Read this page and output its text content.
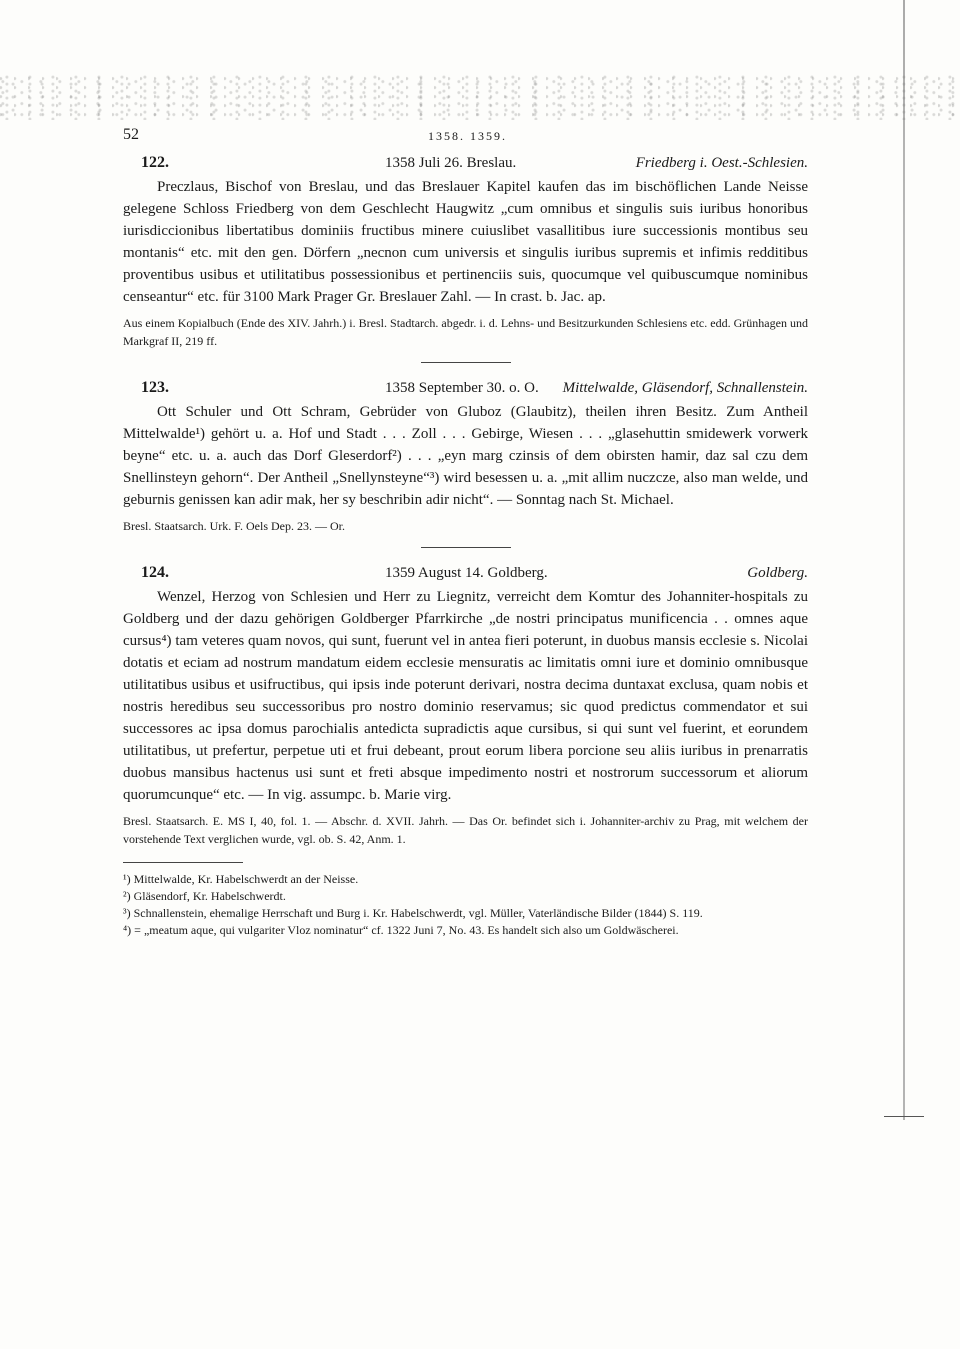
52	1358. 1359.
122.	1358 Juli 26. Breslau.	Friedberg i. Oest.-Schlesien.

Preczlaus, Bischof von Breslau, und das Breslauer Kapitel kaufen das im bischöflichen Lande Neisse gelegene Schloss Friedberg von dem Geschlecht Haugwitz „cum omnibus et singulis suis iuribus honoribus iurisdiccionibus libertatibus dominiis fructibus minere cuiuslibet vasallitibus iure successionis montibus seu montanis“ etc. mit den gen. Dörfern „necnon cum universis et singulis iuribus supremis et infimis redditibus proventibus usibus et utilitatibus possessionibus et pertinenciis suis, quocumque vel quibuscumque nominibus censeantur“ etc. für 3100 Mark Prager Gr. Breslauer Zahl. — In crast. b. Jac. ap.

Aus einem Kopialbuch (Ende des XIV. Jahrh.) i. Bresl. Stadtarch. abgedr. i. d. Lehns- und Besitzurkunden Schlesiens etc. edd. Grünhagen und Markgraf II, 219 ff.

123.	1358 September 30. o. O. Mittelwalde, Gläsendorf, Schnallenstein.

Ott Schuler und Ott Schram, Gebrüder von Gluboz (Glaubitz), theilen ihren Besitz. Zum Antheil Mittelwalde¹) gehört u. a. Hof und Stadt . . . Zoll . . . Gebirge, Wiesen . . . „glasehuttin smidewerk vorwerk beyne“ etc. u. a. auch das Dorf Gleserdorf²) . . . „eyn marg czinsis of dem obirsten hamir, daz sal czu dem Snellinsteyn gehorn“. Der Antheil „Snellynsteyne“³) wird besessen u. a. „mit allim nuczcze, also man welde, und geburnis genissen kan adir mak, her sy beschribin adir nicht“. — Sonntag nach St. Michael.

Bresl. Staatsarch. Urk. F. Oels Dep. 23. — Or.

124.	1359 August 14. Goldberg.	Goldberg.

Wenzel, Herzog von Schlesien und Herr zu Liegnitz, verreicht dem Komtur des Johanniter-hospitals zu Goldberg und der dazu gehörigen Goldberger Pfarrkirche „de nostri principatus munificencia . . omnes aque cursus⁴) tam veteres quam novos, qui sunt, fuerunt vel in antea fieri poterunt, in duobus mansis ecclesie s. Nicolai dotatis et eciam ad nostrum mandatum eidem ecclesie mensuratis ac limitatis omni iure et dominio omnibusque utilitatibus usibus et usifructibus, qui ipsis inde poterunt derivari, nostra decima duntaxat exclusa, quam nobis et nostris heredibus seu successoribus pro nostro dominio reservamus; sic quod predictus commendator et sui successores ac ipsa domus parochialis antedicta supradictis aque cursibus, si qui sunt vel fuerint, et eorundem utilitatibus, ut prefertur, perpetue uti et frui debeant, prout eorum libera porcione seu aliis iuribus in prenarratis duobus mansibus hactenus usi sunt et freti absque impedimento nostri et nostrorum successorum et aliorum quorumcunque“ etc. — In vig. assumpc. b. Marie virg.

Bresl. Staatsarch. E. MS I, 40, fol. 1. — Abschr. d. XVII. Jahrh. — Das Or. befindet sich i. Johanniter-archiv zu Prag, mit welchem der vorstehende Text verglichen wurde, vgl. ob. S. 42, Anm. 1.

¹) Mittelwalde, Kr. Habelschwerdt an der Neisse.
²) Gläsendorf, Kr. Habelschwerdt.
³) Schnallenstein, ehemalige Herrschaft und Burg i. Kr. Habelschwerdt, vgl. Müller, Vaterländische Bilder (1844) S. 119.
⁴) = „meatum aque, qui vulgariter Vloz nominatur“ cf. 1322 Juni 7, No. 43. Es handelt sich also um Goldwäscherei.
